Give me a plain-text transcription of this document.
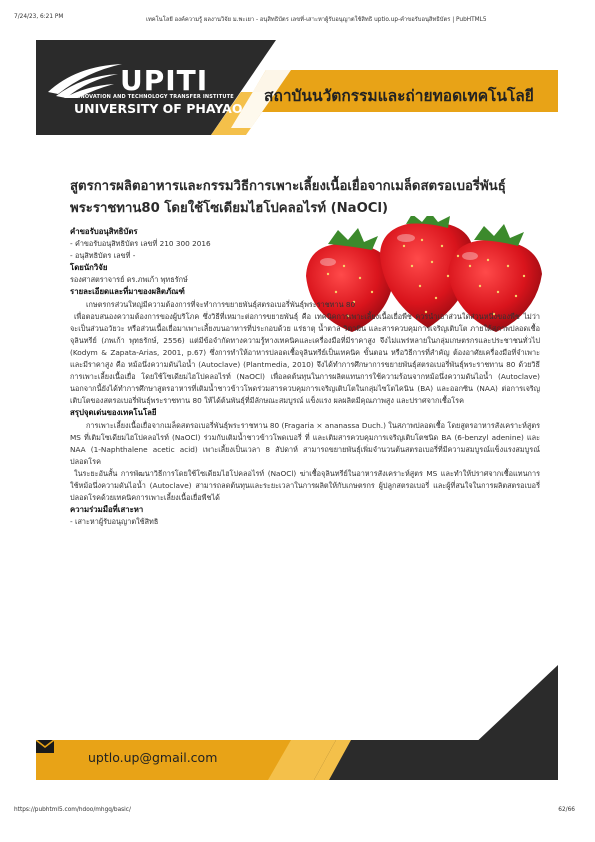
7/24/23, 6:21 PM	เทคโนโลยี องค์ความรู้ ผลงานวิจัย ม.พะเยา - อนุสิทธิบัตร เลขที่-เสาะหาผู้รับอนุญาตใช้สิทธิ uptio.up-คำขอรับอนุสิทธิบัตร | PubHTML5
UPITI
INNOVATION AND TECHNOLOGY TRANSFER INSTITUTE
UNIVERSITY OF PHAYAO
สถาบันนวัตกรรมและถ่ายทอดเทคโนโลยี
สูตรการผลิตอาหารและกรรมวิธีการเพาะเลี้ยงเนื้อเยื่อจากเมล็ดสตรอเบอรี่พันธุ์ พระราชทาน80 โดยใช้โซเดียมไฮโปคลอไรท์ (NaOCl)
คำขอรับอนุสิทธิบัตร
- คำขอรับอนุสิทธิบัตร เลขที่ 210 300 2016
- อนุสิทธิบัตร เลขที่ -
โดยนักวิจัย
รองศาสตราจารย์ ดร.ภพเก้า พุทธรักษ์
รายละเอียดและที่มาของผลิตภัณฑ์
เกษตรกรส่วนใหญ่มีความต้องการที่จะทำการขยายพันธุ์สตรอเบอรี่พันธุ์พระราชทาน 80

เพื่อตอบสนองความต้องการของผู้บริโภค ซึ่งวิธีที่เหมาะต่อการขยายพันธุ์ คือ เทคนิคการเพาะเลี้ยงเนื้อเยื่อพืช ควรนำเอาส่วนใดส่วนหนึ่งของพืช ไม่ว่าจะเป็นส่วนอวัยวะ หรือส่วนเนื้อเยื่อมาเพาะเลี้ยงบนอาหารที่ประกอบด้วย แร่ธาตุ น้ำตาล วิตามิน และสารควบคุมการเจริญเติบโต ภายใต้สภาพปลอดเชื้อจุลินทรีย์ (ภพเก้า พุทธรักษ์, 2556) แต่มีข้อจำกัดทางความรู้ทางเทคนิคและเครื่องมือที่มีราคาสูง จึงไม่แพร่หลายในกลุ่มเกษตรกรและประชาชนทั่วไป (Kodym & Zapata-Arias, 2001, p.67) ซึ่งการทำให้อาหารปลอดเชื้อจุลินทรีย์เป็นเทคนิค ขั้นตอน หรือวิธีการที่สำคัญ ต้องอาศัยเครื่องมือที่จำเพาะและมีราคาสูง คือ หม้อนึ่งความดันไอน้ำ (Autoclave) (Plantmedia, 2010) จึงได้ทำการศึกษาการขยายพันธุ์สตรอเบอรี่พันธุ์พระราชทาน 80 ด้วยวิธีการเพาะเลี้ยงเนื้อเยื่อ โดยใช้โซเดียมไฮโปคลอไรท์ (NaOCl) เพื่อลดต้นทุนในการผลิตแทนการใช้ความร้อนจากหม้อนึ่งความดันไอน้ำ (Autoclave) นอกจากนี้ยังได้ทำการศึกษาสูตรอาหารที่เติมน้ำชาวข้าวโพดร่วมสารควบคุมการเจริญเติบโตในกลุ่มไซโตไคนิน (BA) และออกซิน (NAA) ต่อการเจริญเติบโตของสตรอเบอรี่พันธุ์พระราชทาน 80 ให้ได้ต้นพันธุ์ที่มีลักษณะสมบูรณ์ แข็งแรง ผลผลิตมีคุณภาพสูง และปราศจากเชื้อโรค

สรุปจุดเด่นของเทคโนโลยี

การเพาะเลี้ยงเนื้อเยื่อจากเมล็ดสตรอเบอรี่พันธุ์พระราชทาน 80 (Fragaria × ananassa Duch.) ในสภาพปลอดเชื้อ โดยสูตรอาหารสังเคราะห์สูตร MS ที่เติมโซเดียมไฮโปคลอไรท์ (NaOCl) ร่วมกับเติมน้ำชาวข้าวโพดเบอรี่ ที่ และเติมสารควบคุมการเจริญเติบโตชนิด BA (6-benzyl adenine) และ NAA (1-Naphthalene acetic acid) เพาะเลี้ยงเป็นเวลา 8 สัปดาห์ สามารถขยายพันธุ์เพิ่มจำนวนต้นสตรอเบอรี่ที่มีความสมบูรณ์แข็งแรงสมบูรณ์ ปลอดโรค

ในระยะอันสั้น การพัฒนาวิธีการโดยใช้โซเดียมไฮโปคลอไรท์ (NaOCl) ฆ่าเชื้อจุลินทรีย์ในอาหารสังเคราะห์สูตร MS และทำให้ปราศจากเชื้อแทนการใช้หม้อนึ่งความดันไอน้ำ (Autoclave) สามารถลดต้นทุนและระยะเวลาในการผลิตให้กับเกษตรกร ผู้ปลูกสตรอเบอรี่ และผู้ที่สนใจในการผลิตสตรอเบอรี่ปลอดโรคด้วยเทคนิคการเพาะเลี้ยงเนื้อเยื่อพืชได้

ความร่วมมือที่เสาะหา
- เสาะหาผู้รับอนุญาตใช้สิทธิ
uptlo.up@gmail.com
https://pubhtml5.com/hdoo/mhgq/basic/	62/66
